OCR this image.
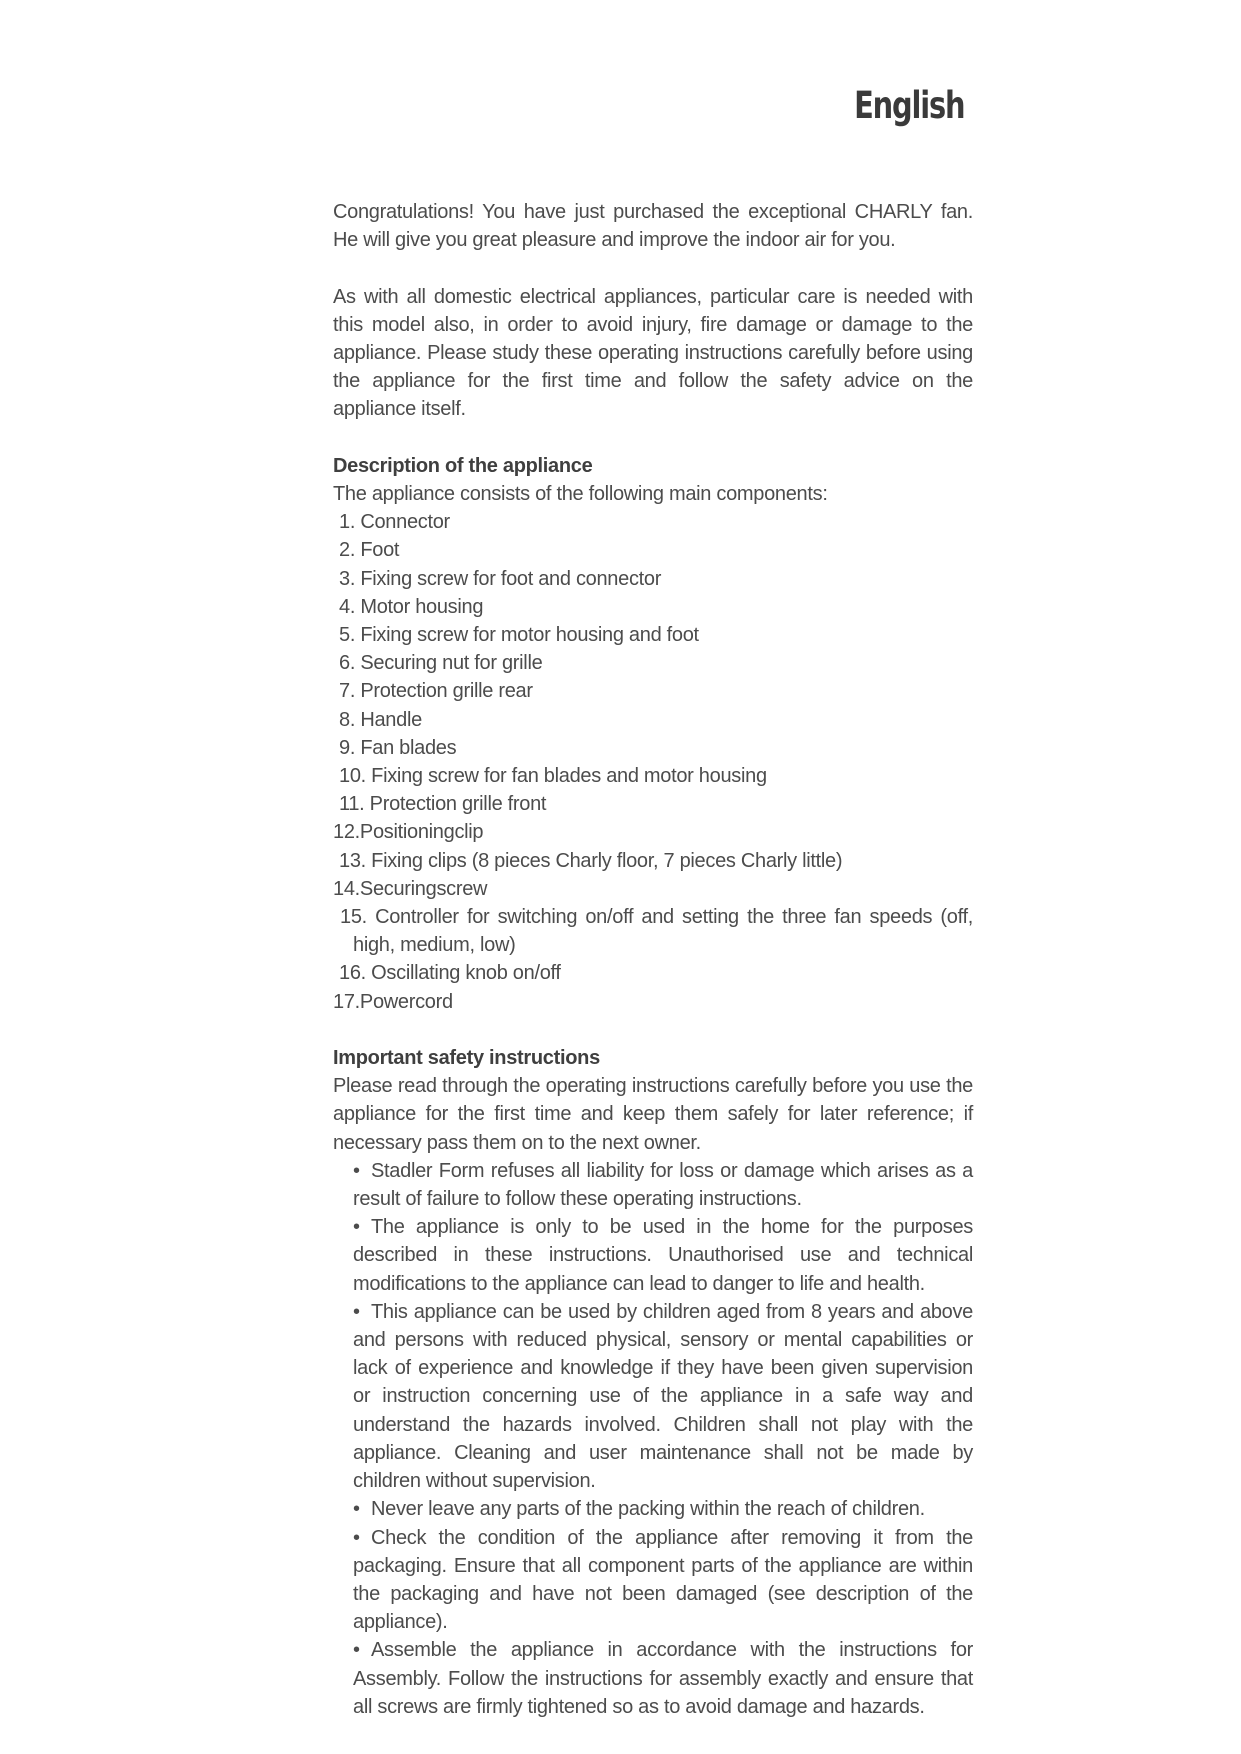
English

Congratulations! You have just purchased the exceptional CHARLY fan. He will give you great pleasure and improve the indoor air for you.

As with all domestic electrical appliances, particular care is needed with this model also, in order to avoid injury, fire damage or damage to the appliance. Please study these operating instructions carefully before using the appliance for the first time and follow the safety advice on the appliance itself.

Description of the appliance

The appliance consists of the following main components:

1. Connector
2. Foot
3. Fixing screw for foot and connector
4. Motor housing
5. Fixing screw for motor housing and foot
6. Securing nut for grille
7. Protection grille rear
8. Handle
9. Fan blades
10. Fixing screw for fan blades and motor housing
11. Protection grille front
12.Positioningclip
13. Fixing clips (8 pieces Charly floor, 7 pieces Charly little)
14.Securingscrew
15. Controller for switching on/off and setting the three fan speeds (off, high, medium, low)
16. Oscillating knob on/off
17.Powercord
Important safety instructions

Please read through the operating instructions carefully before you use the appliance for the first time and keep them safely for later reference; if necessary pass them on to the next owner.

• Stadler Form refuses all liability for loss or damage which arises as a result of failure to follow these operating instructions.
• The appliance is only to be used in the home for the purposes described in these instructions. Unauthorised use and technical modifications to the appliance can lead to danger to life and health.
• This appliance can be used by children aged from 8 years and above and persons with reduced physical, sensory or mental capabilities or lack of experience and knowledge if they have been given supervision or instruction concerning use of the appliance in a safe way and understand the hazards involved. Children shall not play with the appliance. Cleaning and user maintenance shall not be made by children without supervision.
• Never leave any parts of the packing within the reach of children.
• Check the condition of the appliance after removing it from the packaging. Ensure that all component parts of the appliance are within the packaging and have not been damaged (see description of the appliance).
• Assemble the appliance in accordance with the instructions for Assembly. Follow the instructions for assembly exactly and ensure that all screws are firmly tightened so as to avoid damage and hazards.
